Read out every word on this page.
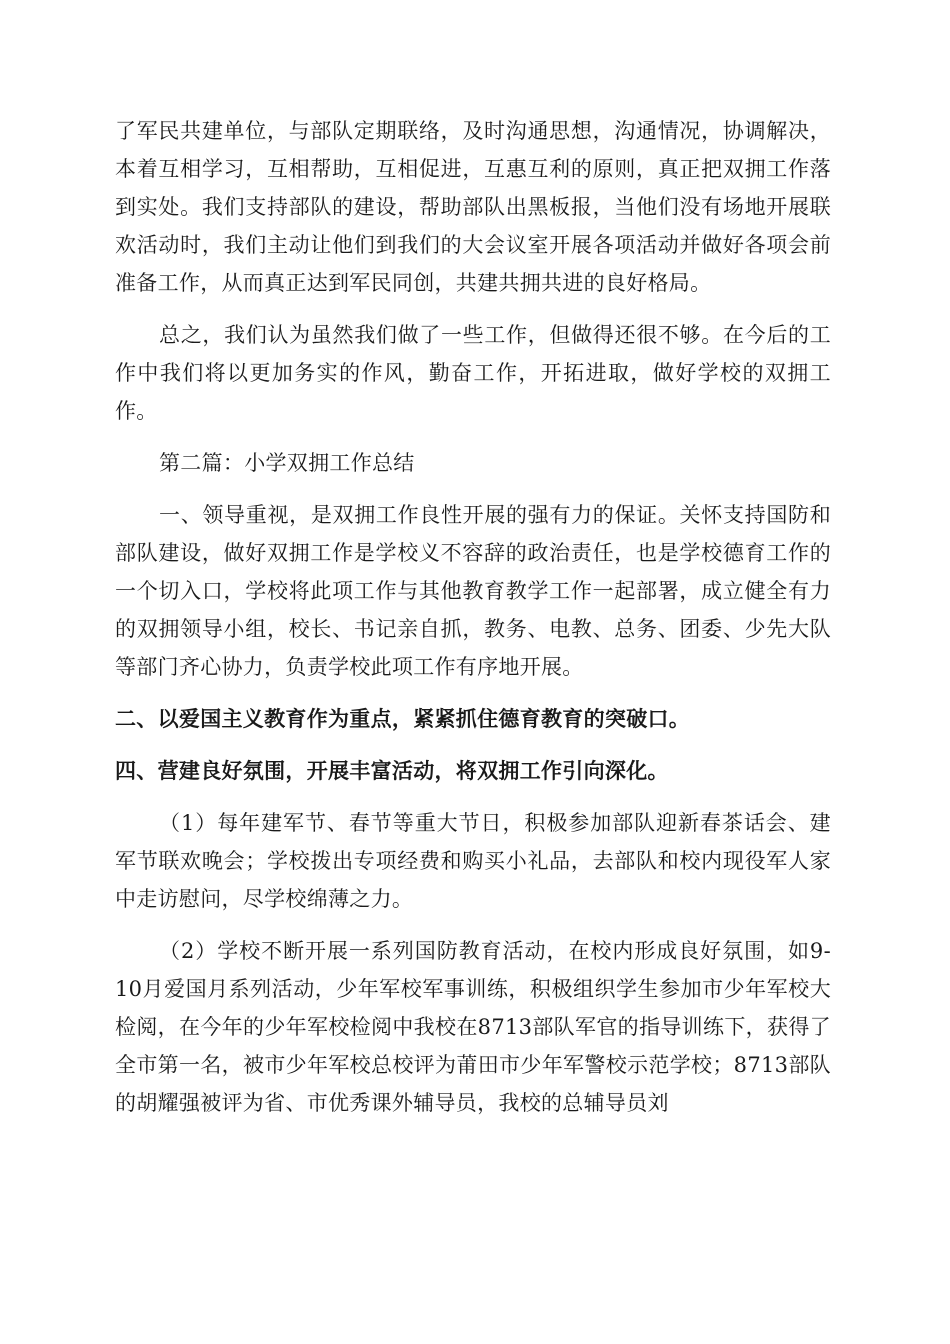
了军民共建单位，与部队定期联络，及时沟通思想，沟通情况，协调解决，本着互相学习，互相帮助，互相促进，互惠互利的原则，真正把双拥工作落到实处。我们支持部队的建设，帮助部队出黑板报，当他们没有场地开展联欢活动时，我们主动让他们到我们的大会议室开展各项活动并做好各项会前准备工作，从而真正达到军民同创，共建共拥共进的良好格局。

总之，我们认为虽然我们做了一些工作，但做得还很不够。在今后的工作中我们将以更加务实的作风，勤奋工作，开拓进取，做好学校的双拥工作。

第二篇：小学双拥工作总结

一、领导重视，是双拥工作良性开展的强有力的保证。关怀支持国防和部队建设，做好双拥工作是学校义不容辞的政治责任，也是学校德育工作的一个切入口，学校将此项工作与其他教育教学工作一起部署，成立健全有力的双拥领导小组，校长、书记亲自抓，教务、电教、总务、团委、少先大队等部门齐心协力，负责学校此项工作有序地开展。

二、以爱国主义教育作为重点，紧紧抓住德育教育的突破口。

四、营建良好氛围，开展丰富活动，将双拥工作引向深化。

（1）每年建军节、春节等重大节日，积极参加部队迎新春茶话会、建军节联欢晚会；学校拨出专项经费和购买小礼品，去部队和校内现役军人家中走访慰问，尽学校绵薄之力。

（2）学校不断开展一系列国防教育活动，在校内形成良好氛围，如9-10月爱国月系列活动，少年军校军事训练，积极组织学生参加市少年军校大检阅，在今年的少年军校检阅中我校在8713部队军官的指导训练下，获得了全市第一名，被市少年军校总校评为莆田市少年军警校示范学校；8713部队的胡耀强被评为省、市优秀课外辅导员，我校的总辅导员刘
